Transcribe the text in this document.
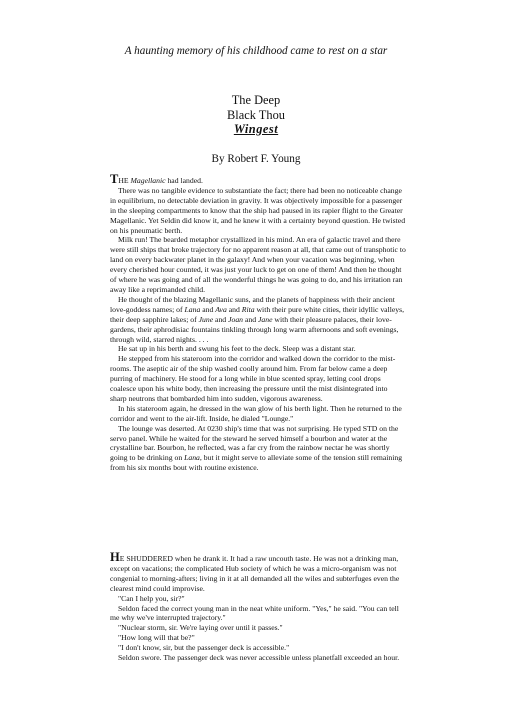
A haunting memory of his childhood came to rest on a star
The Deep
Black Thou
Wingest
By Robert F. Young

THE Magellanic had landed.

There was no tangible evidence to substantiate the fact; there had been no noticeable change in equilibrium, no detectable deviation in gravity. It was objectively impossible for a passenger in the sleeping compartments to know that the ship had paused in its rapier flight to the Greater Magellanic. Yet Seldin did know it, and he knew it with a certainty beyond question. He twisted on his pneumatic berth.

Milk run! The bearded metaphor crystallized in his mind. An era of galactic travel and there were still ships that broke trajectory for no apparent reason at all, that came out of transphotic to land on every backwater planet in the galaxy! And when your vacation was beginning, when every cherished hour counted, it was just your luck to get on one of them! And then he thought of where he was going and of all the wonderful things he was going to do, and his irritation ran away like a reprimanded child.

He thought of the blazing Magellanic suns, and the planets of happiness with their ancient love-goddess names; of Lana and Ava and Rita with their pure white cities, their idyllic valleys, their deep sapphire lakes; of June and Joan and Jane with their pleasure palaces, their love-gardens, their aphrodisiac fountains tinkling through long warm afternoons and soft evenings, through wild, starred nights. . . .

He sat up in his berth and swung his feet to the deck. Sleep was a distant star.

He stepped from his stateroom into the corridor and walked down the corridor to the mist-rooms. The aseptic air of the ship washed coolly around him. From far below came a deep purring of machinery. He stood for a long while in blue scented spray, letting cool drops coalesce upon his white body, then increasing the pressure until the mist disintegrated into sharp neutrons that bombarded him into sudden, vigorous awareness.

In his stateroom again, he dressed in the wan glow of his berth light. Then he returned to the corridor and went to the air-lift. Inside, he dialed "Lounge."

The lounge was deserted. At 0230 ship's time that was not surprising. He typed STD on the servo panel. While he waited for the steward he served himself a bourbon and water at the crystalline bar. Bourbon, he reflected, was a far cry from the rainbow nectar he was shortly going to be drinking on Lana, but it might serve to alleviate some of the tension still remaining from his six months bout with routine existence.

HE SHUDDERED when he drank it. It had a raw uncouth taste. He was not a drinking man, except on vacations; the complicated Hub society of which he was a micro-organism was not congenial to morning-afters; living in it at all demanded all the wiles and subterfuges even the clearest mind could improvise.

"Can I help you, sir?"

Seldon faced the correct young man in the neat white uniform. "Yes," he said. "You can tell me why we've interrupted trajectory."

"Nuclear storm, sir. We're laying over until it passes."

"How long will that be?"

"I don't know, sir, but the passenger deck is accessible."

Seldon swore. The passenger deck was never accessible unless planetfall exceeded an hour.
